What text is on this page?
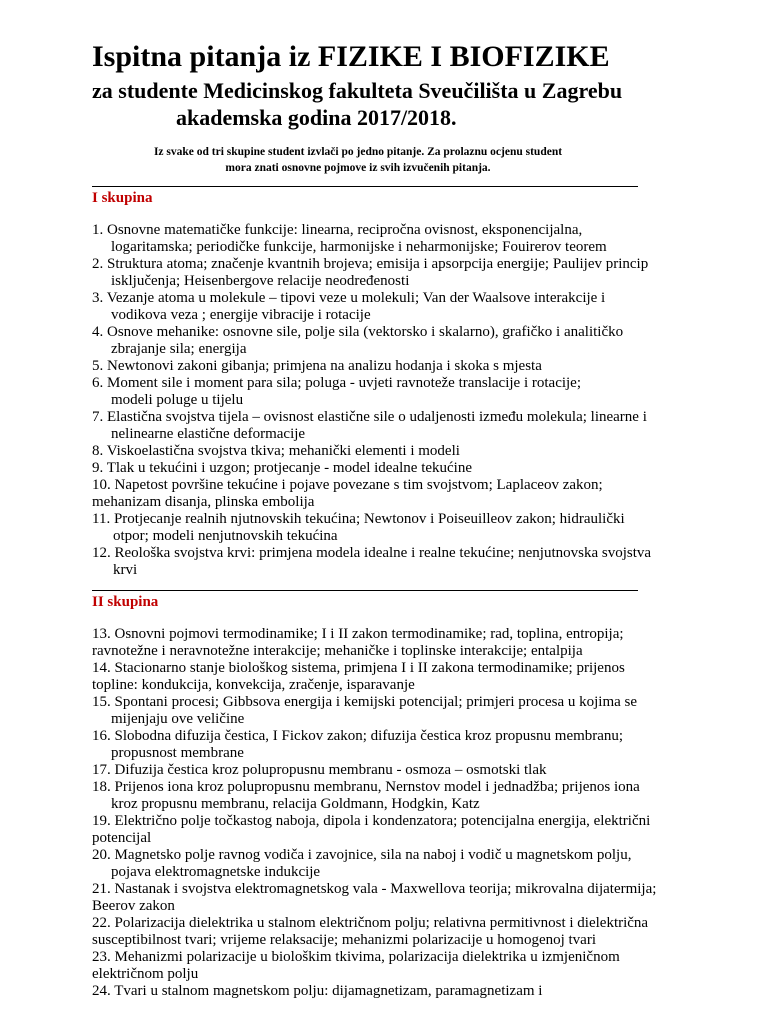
Ispitna pitanja iz FIZIKE I BIOFIZIKE
za studente Medicinskog fakulteta Sveučilišta u Zagrebu
akademska godina 2017/2018.
Iz svake od tri skupine student izvlači po jedno pitanje. Za prolaznu ocjenu student
mora znati osnovne pojmove iz svih izvučenih pitanja.
I skupina
1. Osnovne matematičke funkcije: linearna, recipročna ovisnost, eksponencijalna,
logaritamska; periodičke funkcije, harmonijske i neharmonijske; Fouirerov teorem
2. Struktura atoma; značenje kvantnih brojeva; emisija i apsorpcija energije; Paulijev princip
isključenja; Heisenbergove relacije neodređenosti
3. Vezanje atoma u molekule – tipovi veze u molekuli; Van der Waalsove interakcije i
vodikova veza ; energije vibracije i rotacije
4. Osnove mehanike: osnovne sile, polje sila (vektorsko i skalarno), grafičko i analitičko
zbrajanje sila; energija
5. Newtonovi zakoni gibanja; primjena na analizu hodanja i skoka s mjesta
6. Moment sile i moment para sila; poluga - uvjeti ravnoteže translacije i rotacije;
modeli poluge u tijelu
7. Elastična svojstva tijela – ovisnost elastične sile o udaljenosti između molekula; linearne i
nelinearne elastične deformacije
8. Viskoelastična svojstva tkiva; mehanički elementi i modeli
9. Tlak u tekućini i uzgon; protjecanje - model idealne tekućine
10. Napetost površine tekućine i pojave povezane s tim svojstvom; Laplaceov zakon;
mehanizam disanja, plinska embolija
11. Protjecanje realnih njutnovskih tekućina; Newtonov i Poiseuilleov zakon; hidraulički
otpor; modeli nenjutnovskih tekućina
12. Reološka svojstva krvi: primjena modela idealne i realne tekućine; nenjutnovska svojstva
krvi
II skupina
13. Osnovni pojmovi termodinamike; I i II zakon termodinamike; rad, toplina, entropija;
ravnotežne i neravnotežne interakcije; mehaničke i toplinske interakcije; entalpija
14. Stacionarno stanje biološkog sistema, primjena I i II zakona termodinamike; prijenos
topline: kondukcija, konvekcija, zračenje, isparavanje
15. Spontani procesi; Gibbsova energija i kemijski potencijal; primjeri procesa u kojima se
mijenjaju ove veličine
16. Slobodna difuzija čestica, I Fickov zakon; difuzija čestica kroz propusnu membranu;
propusnost membrane
17. Difuzija čestica kroz polupropusnu membranu - osmoza – osmotski tlak
18. Prijenos iona kroz polupropusnu membranu, Nernstov model i jednadžba; prijenos iona
kroz propusnu membranu, relacija Goldmann, Hodgkin, Katz
19. Električno polje točkastog naboja, dipola i kondenzatora; potencijalna energija, električni
potencijal
20. Magnetsko polje ravnog vodiča i zavojnice, sila na naboj i vodič u magnetskom polju,
pojava elektromagnetske indukcije
21. Nastanak i svojstva elektromagnetskog vala - Maxwellova teorija; mikrovalna dijatermija;
Beerov zakon
22. Polarizacija dielektrika u stalnom električnom polju; relativna permitivnost i dielektrična
susceptibilnost tvari; vrijeme relaksacije; mehanizmi polarizacije u homogenoj tvari
23. Mehanizmi polarizacije u biološkim tkivima, polarizacija dielektrika u izmjeničnom
električnom polju
24. Tvari u stalnom magnetskom polju: dijamagnetizam, paramagnetizam i
